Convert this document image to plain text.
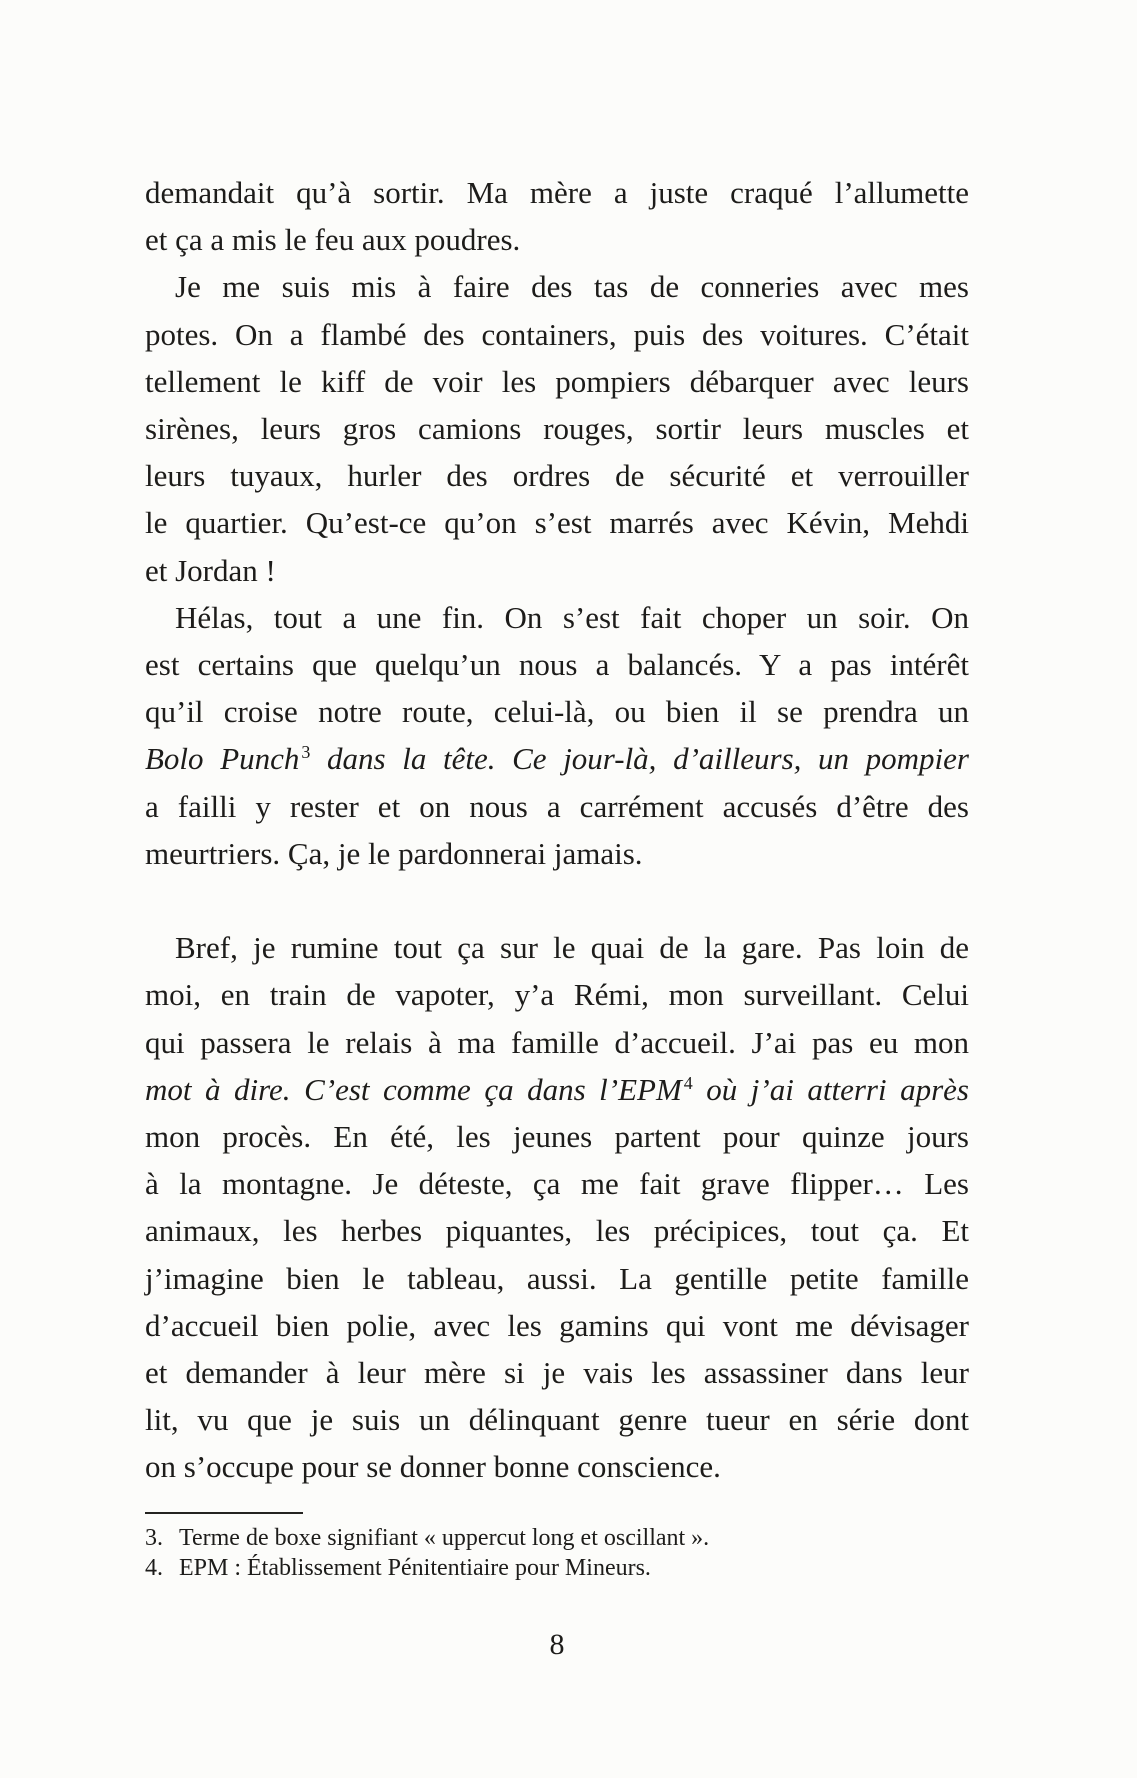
demandait qu’à sortir. Ma mère a juste craqué l’allumette
et ça a mis le feu aux poudres.
Je me suis mis à faire des tas de conneries avec mes
potes. On a flambé des containers, puis des voitures. C’était
tellement le kiff de voir les pompiers débarquer avec leurs
sirènes, leurs gros camions rouges, sortir leurs muscles et
leurs tuyaux, hurler des ordres de sécurité et verrouiller
le quartier. Qu’est-ce qu’on s’est marrés avec Kévin, Mehdi
et Jordan !
Hélas, tout a une fin. On s’est fait choper un soir. On
est certains que quelqu’un nous a balancés. Y a pas intérêt
qu’il croise notre route, celui-là, ou bien il se prendra un
Bolo Punch $^3$ dans la tête. Ce jour-là, d’ailleurs, un pompier
a failli y rester et on nous a carrément accusés d’être des
meurtriers. Ça, je le pardonnerai jamais.
Bref, je rumine tout ça sur le quai de la gare. Pas loin de
moi, en train de vapoter, y’a Rémi, mon surveillant. Celui
qui passera le relais à ma famille d’accueil. J’ai pas eu mon
mot à dire. C’est comme ça dans l’EPM $^4$ où j’ai atterri après
mon procès. En été, les jeunes partent pour quinze jours
à la montagne. Je déteste, ça me fait grave flipper… Les
animaux, les herbes piquantes, les précipices, tout ça. Et
j’imagine bien le tableau, aussi. La gentille petite famille
d’accueil bien polie, avec les gamins qui vont me dévisager
et demander à leur mère si je vais les assassiner dans leur
lit, vu que je suis un délinquant genre tueur en série dont
on s’occupe pour se donner bonne conscience.
3. Terme de boxe signifiant « uppercut long et oscillant ».
4. EPM : Établissement Pénitentiaire pour Mineurs.
8
